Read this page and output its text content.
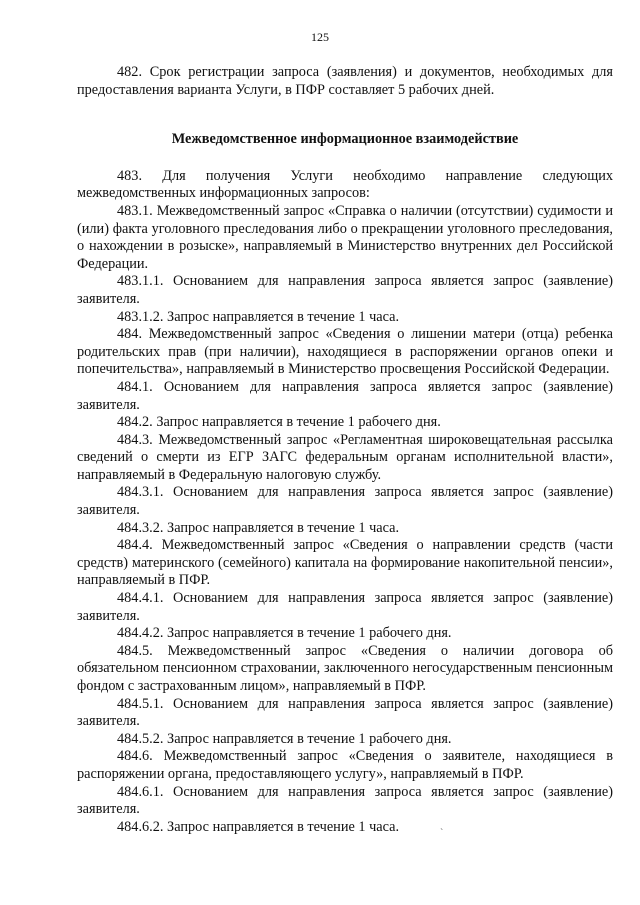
125

482. Срок регистрации запроса (заявления) и документов, необходимых для предоставления варианта Услуги, в ПФР составляет 5 рабочих дней.

Межведомственное информационное взаимодействие

483. Для получения Услуги необходимо направление следующих межведомственных информационных запросов:

483.1. Межведомственный запрос «Справка о наличии (отсутствии) судимости и (или) факта уголовного преследования либо о прекращении уголовного преследования, о нахождении в розыске», направляемый в Министерство внутренних дел Российской Федерации.

483.1.1. Основанием для направления запроса является запрос (заявление) заявителя.

483.1.2. Запрос направляется в течение 1 часа.

484. Межведомственный запрос «Сведения о лишении матери (отца) ребенка родительских прав (при наличии), находящиеся в распоряжении органов опеки и попечительства», направляемый в Министерство просвещения Российской Федерации.

484.1. Основанием для направления запроса является запрос (заявление) заявителя.

484.2. Запрос направляется в течение 1 рабочего дня.

484.3. Межведомственный запрос «Регламентная широковещательная рассылка сведений о смерти из ЕГР ЗАГС федеральным органам исполнительной власти», направляемый в Федеральную налоговую службу.

484.3.1. Основанием для направления запроса является запрос (заявление) заявителя.

484.3.2. Запрос направляется в течение 1 часа.

484.4. Межведомственный запрос «Сведения о направлении средств (части средств) материнского (семейного) капитала на формирование накопительной пенсии», направляемый в ПФР.

484.4.1. Основанием для направления запроса является запрос (заявление) заявителя.

484.4.2. Запрос направляется в течение 1 рабочего дня.

484.5. Межведомственный запрос «Сведения о наличии договора об обязательном пенсионном страховании, заключенного негосударственным пенсионным фондом с застрахованным лицом», направляемый в ПФР.

484.5.1. Основанием для направления запроса является запрос (заявление) заявителя.

484.5.2. Запрос направляется в течение 1 рабочего дня.

484.6. Межведомственный запрос «Сведения о заявителе, находящиеся в распоряжении органа, предоставляющего услугу», направляемый в ПФР.

484.6.1. Основанием для направления запроса является запрос (заявление) заявителя.

484.6.2. Запрос направляется в течение 1 часа.	`
